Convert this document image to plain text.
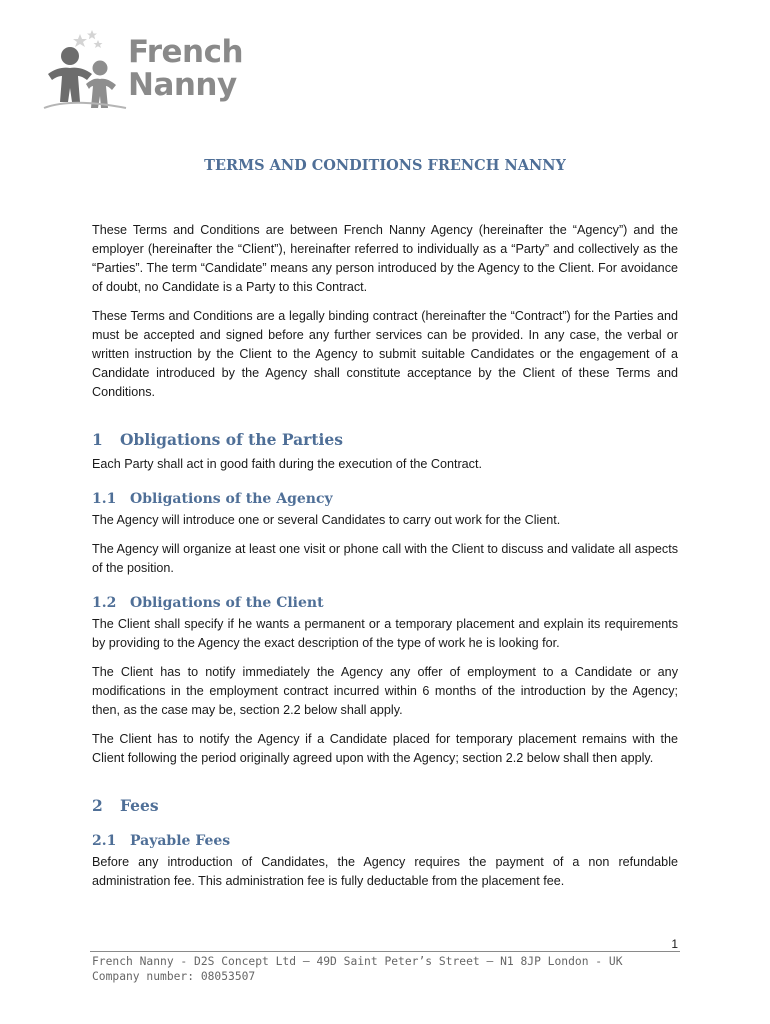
French
Nanny
TERMS AND CONDITIONS FRENCH NANNY

These Terms and Conditions are between French Nanny Agency (hereinafter the “Agency”) and the employer (hereinafter the “Client”), hereinafter referred to individually as a “Party” and collectively as the “Parties”. The term “Candidate” means any person introduced by the Agency to the Client. For avoidance of doubt, no Candidate is a Party to this Contract.

These Terms and Conditions are a legally binding contract (hereinafter the “Contract”) for the Parties and must be accepted and signed before any further services can be provided. In any case, the verbal or written instruction by the Client to the Agency to submit suitable Candidates or the engagement of a Candidate introduced by the Agency shall constitute acceptance by the Client of these Terms and Conditions.

1 Obligations of the Parties

Each Party shall act in good faith during the execution of the Contract.

1.1 Obligations of the Agency

The Agency will introduce one or several Candidates to carry out work for the Client.

The Agency will organize at least one visit or phone call with the Client to discuss and validate all aspects of the position.

1.2 Obligations of the Client

The Client shall specify if he wants a permanent or a temporary placement and explain its requirements by providing to the Agency the exact description of the type of work he is looking for.

The Client has to notify immediately the Agency any offer of employment to a Candidate or any modifications in the employment contract incurred within 6 months of the introduction by the Agency; then, as the case may be, section 2.2 below shall apply.

The Client has to notify the Agency if a Candidate placed for temporary placement remains with the Client following the period originally agreed upon with the Agency; section 2.2 below shall then apply.

2 Fees
2.1 Payable Fees

Before any introduction of Candidates, the Agency requires the payment of a non refundable administration fee. This administration fee is fully deductable from the placement fee.

1
French Nanny - D2S Concept Ltd – 49D Saint Peter’s Street – N1 8JP London - UK
Company number: 08053507
